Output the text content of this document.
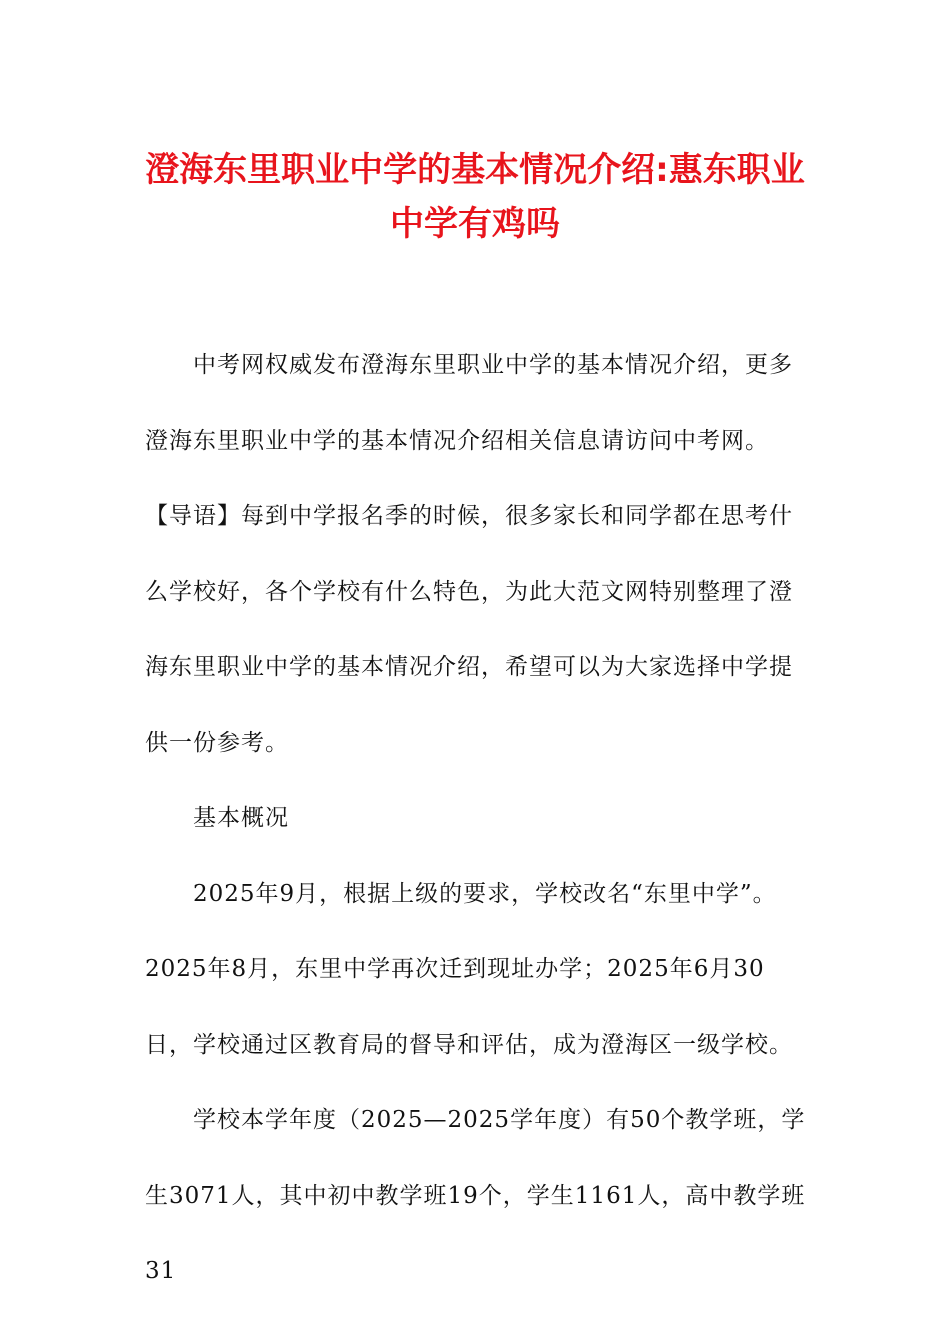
澄海东里职业中学的基本情况介绍:惠东职业中学有鸡吗

中考网权威发布澄海东里职业中学的基本情况介绍，更多澄海东里职业中学的基本情况介绍相关信息请访问中考网。

【导语】每到中学报名季的时候，很多家长和同学都在思考什么学校好，各个学校有什么特色，为此大范文网特别整理了澄海东里职业中学的基本情况介绍，希望可以为大家选择中学提供一份参考。

基本概况

2025年9月，根据上级的要求，学校改名“东里中学”。2025年8月，东里中学再次迁到现址办学；2025年6月30日，学校通过区教育局的督导和评估，成为澄海区一级学校。

学校本学年度（2025—2025学年度）有50个教学班，学生3071人，其中初中教学班19个，学生1161人，高中教学班31
